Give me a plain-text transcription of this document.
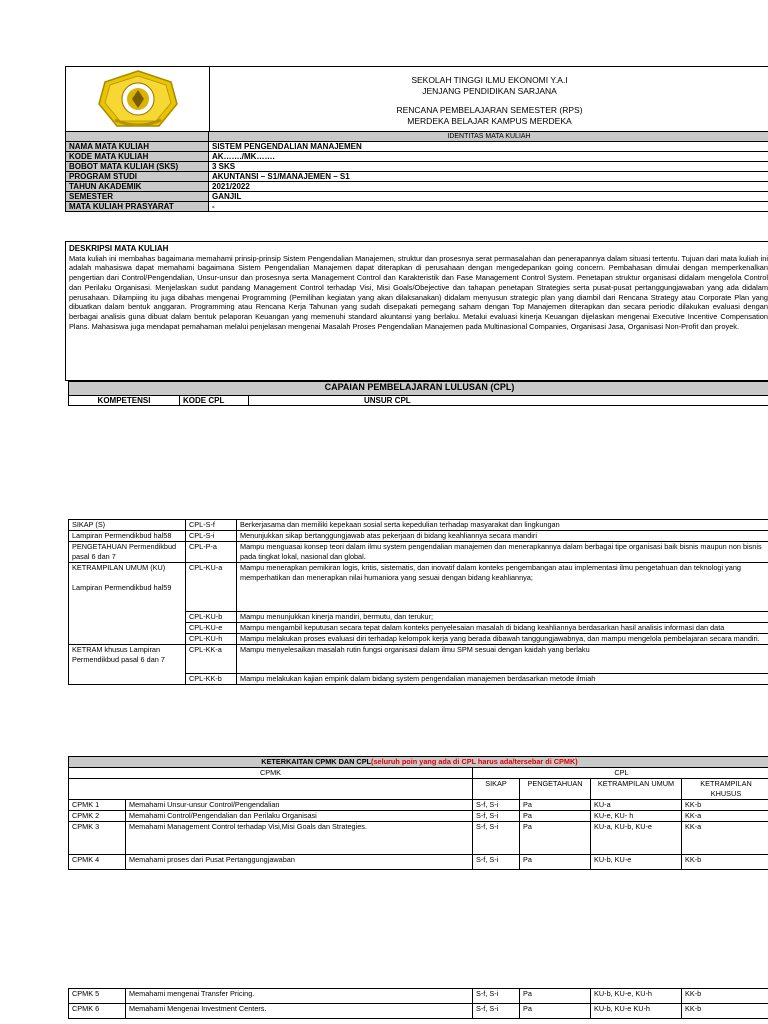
SEKOLAH TINGGI ILMU EKONOMI Y.A.I
JENJANG PENDIDIKAN SARJANA
RENCANA PEMBELAJARAN SEMESTER (RPS)
MERDEKA BELAJAR KAMPUS MERDEKA
	IDENTITAS MATA KULIAH
NAMA MATA KULIAH	SISTEM PENGENDALIAN MANAJEMEN
KODE MATA KULIAH	AK……./MK…….
BOBOT MATA KULIAH (SKS)	3 SKS
PROGRAM STUDI	AKUNTANSI – S1/MANAJEMEN – S1
TAHUN AKADEMIK	2021/2022
SEMESTER	GANJIL
MATA KULIAH PRASYARAT	-
DESKRIPSI MATA KULIAH

Mata kuliah ini membahas bagaimana memahami prinsip-prinsip Sistem Pengendalian Manajemen, struktur dan prosesnya serat permasalahan dan penerapannya dalam situasi tertentu. Tujuan dari mata kuliah ini adalah mahasiswa dapat memahami bagaimana Sistem Pengendalian Manajemen dapat diterapkan di perusahaan dengan mengedepankan going concern. Pembahasan dimulai dengan memperkenalkan pengertian dari Control/Pengendalian, Unsur-unsur dan prosesnya serta Management Control dan Karakteristik dan Fase Management Control System. Penetapan struktur organisasi didalam mengelola Control dan Perilaku Organisasi. Menjelaskan sudut pandang Management Control terhadap Visi, Misi Goals/Obejective dan tahapan penetapan Strategies serta pusat-pusat pertanggungjawaban yang ada didalam perusahaan. Dilampiing itu juga dibahas mengenai Programming (Pemilihan kegiatan yang akan dilaksanakan) didalam menyusun strategic plan yang diambil dari Rencana Strategy atau Corporate Plan yang dibuatkan dalam bentuk anggaran. Programming atau Rencana Kerja Tahunan yang sudah disepakati pemegang saham dengan Top Manajemen diterapkan dan secara periodic dilakukan evaluasi dengan berbagai analisis guna dibuat dalam bentuk pelaporan Keuangan yang memenuhi standard akuntansi yang berlaku. Metalui evaluasi kinerja Keuangan dijelaskan mengenai Executive Incentive Compensation Plans. Mahasiswa juga mendapat pemahaman melalui penjelasan mengenai Masalah Proses Pengendalian Manajemen pada Multinasional Companies, Organisasi Jasa, Organisasi Non-Profit dan proyek.

CAPAIAN PEMBELAJARAN LULUSAN (CPL)
KOMPETENSI	KODE CPL	UNSUR CPL
SIKAP (S)	CPL-S-f	Berkerjasama dan memiliki kepekaan sosial serta kepedulian terhadap masyarakat dan lingkungan
Lampiran Permendikbud hal58	CPL-S-i	Menunjukkan sikap bertanggungjawab atas pekerjaan di bidang keahliannya secara mandiri
PENGETAHUAN Permendikbud pasal 6 dan 7	CPL-P-a	Mampu menguasai konsep teori dalam ilmu system pengendalian manajemen dan menerapkannya dalam berbagai tipe organisasi baik bisnis maupun non bisnis pada tingkat lokal, nasional dan global.

KETRAMPILAN UMUM (KU)
Lampiran Permendikbud hal59	CPL-KU-a	Mampu menerapkan pemikiran logis, kritis, sistematis, dan inovatif dalam konteks pengembangan atau implementasi ilmu pengetahuan dan teknologi yang memperhatikan dan menerapkan nilai humaniora yang sesuai dengan bidang keahliannya;
	CPL-KU-b	Mampu menunjukkan kinerja mandiri, bermutu, dan terukur;
	CPL-KU-e	Mampu mengambil keputusan secara tepat dalam konteks penyelesaian masalah di bidang keahliannya berdasarkan hasil analisis informasi dan data
	CPL-KU-h	Mampu melakukan proses evaluasi diri terhadap kelompok kerja yang berada dibawah tanggungjawabnya, dan mampu mengelola pembelajaran secara mandiri.
KETRAM khusus Lampiran Permendikbud pasal 6 dan 7	CPL-KK-a	Mampu menyelesaikan masalah rutin fungsi organisasi dalam ilmu SPM sesuai dengan kaidah yang berlaku
	CPL-KK-b	Mampu melakukan kajian empirik dalam bidang system pengendalian manajemen berdasarkan metode ilmiah
KETERKAITAN CPMK DAN CPL(seluruh poin yang ada di CPL harus ada/tersebar di CPMK)					
CPMK		CPL			
		SIKAP	PENGETAHUAN	KETRAMPILAN UMUM	KETRAMPILAN KHUSUS
CPMK 1	Memahami Unsur-unsur Control/Pengendalian	S-f, S-i	Pa	KU-a	KK-b
CPMK 2	Memahami Control/Pengendalian dan Perilaku Organisasi	S-f, S-i	Pa	KU-e, KU- h	KK-a
CPMK 3	Memahami Management Control terhadap Visi,Misi Goals dan Strategies.	S-f, S-i	Pa	KU-a, KU-b, KU-e	KK-a
CPMK 4	Memahami proses dari Pusat Pertanggungjawaban	S-f, S-i	Pa	KU-b, KU-e	KK-b
CPMK 5	Memahami mengenai Transfer Pricing.	S-f, S-i	Pa	KU-b, KU-e, KU-h	KK-b
CPMK 6	Memahami Mengenai Investment Centers.	S-f, S-i	Pa	KU-b, KU-e KU-h	KK-b
